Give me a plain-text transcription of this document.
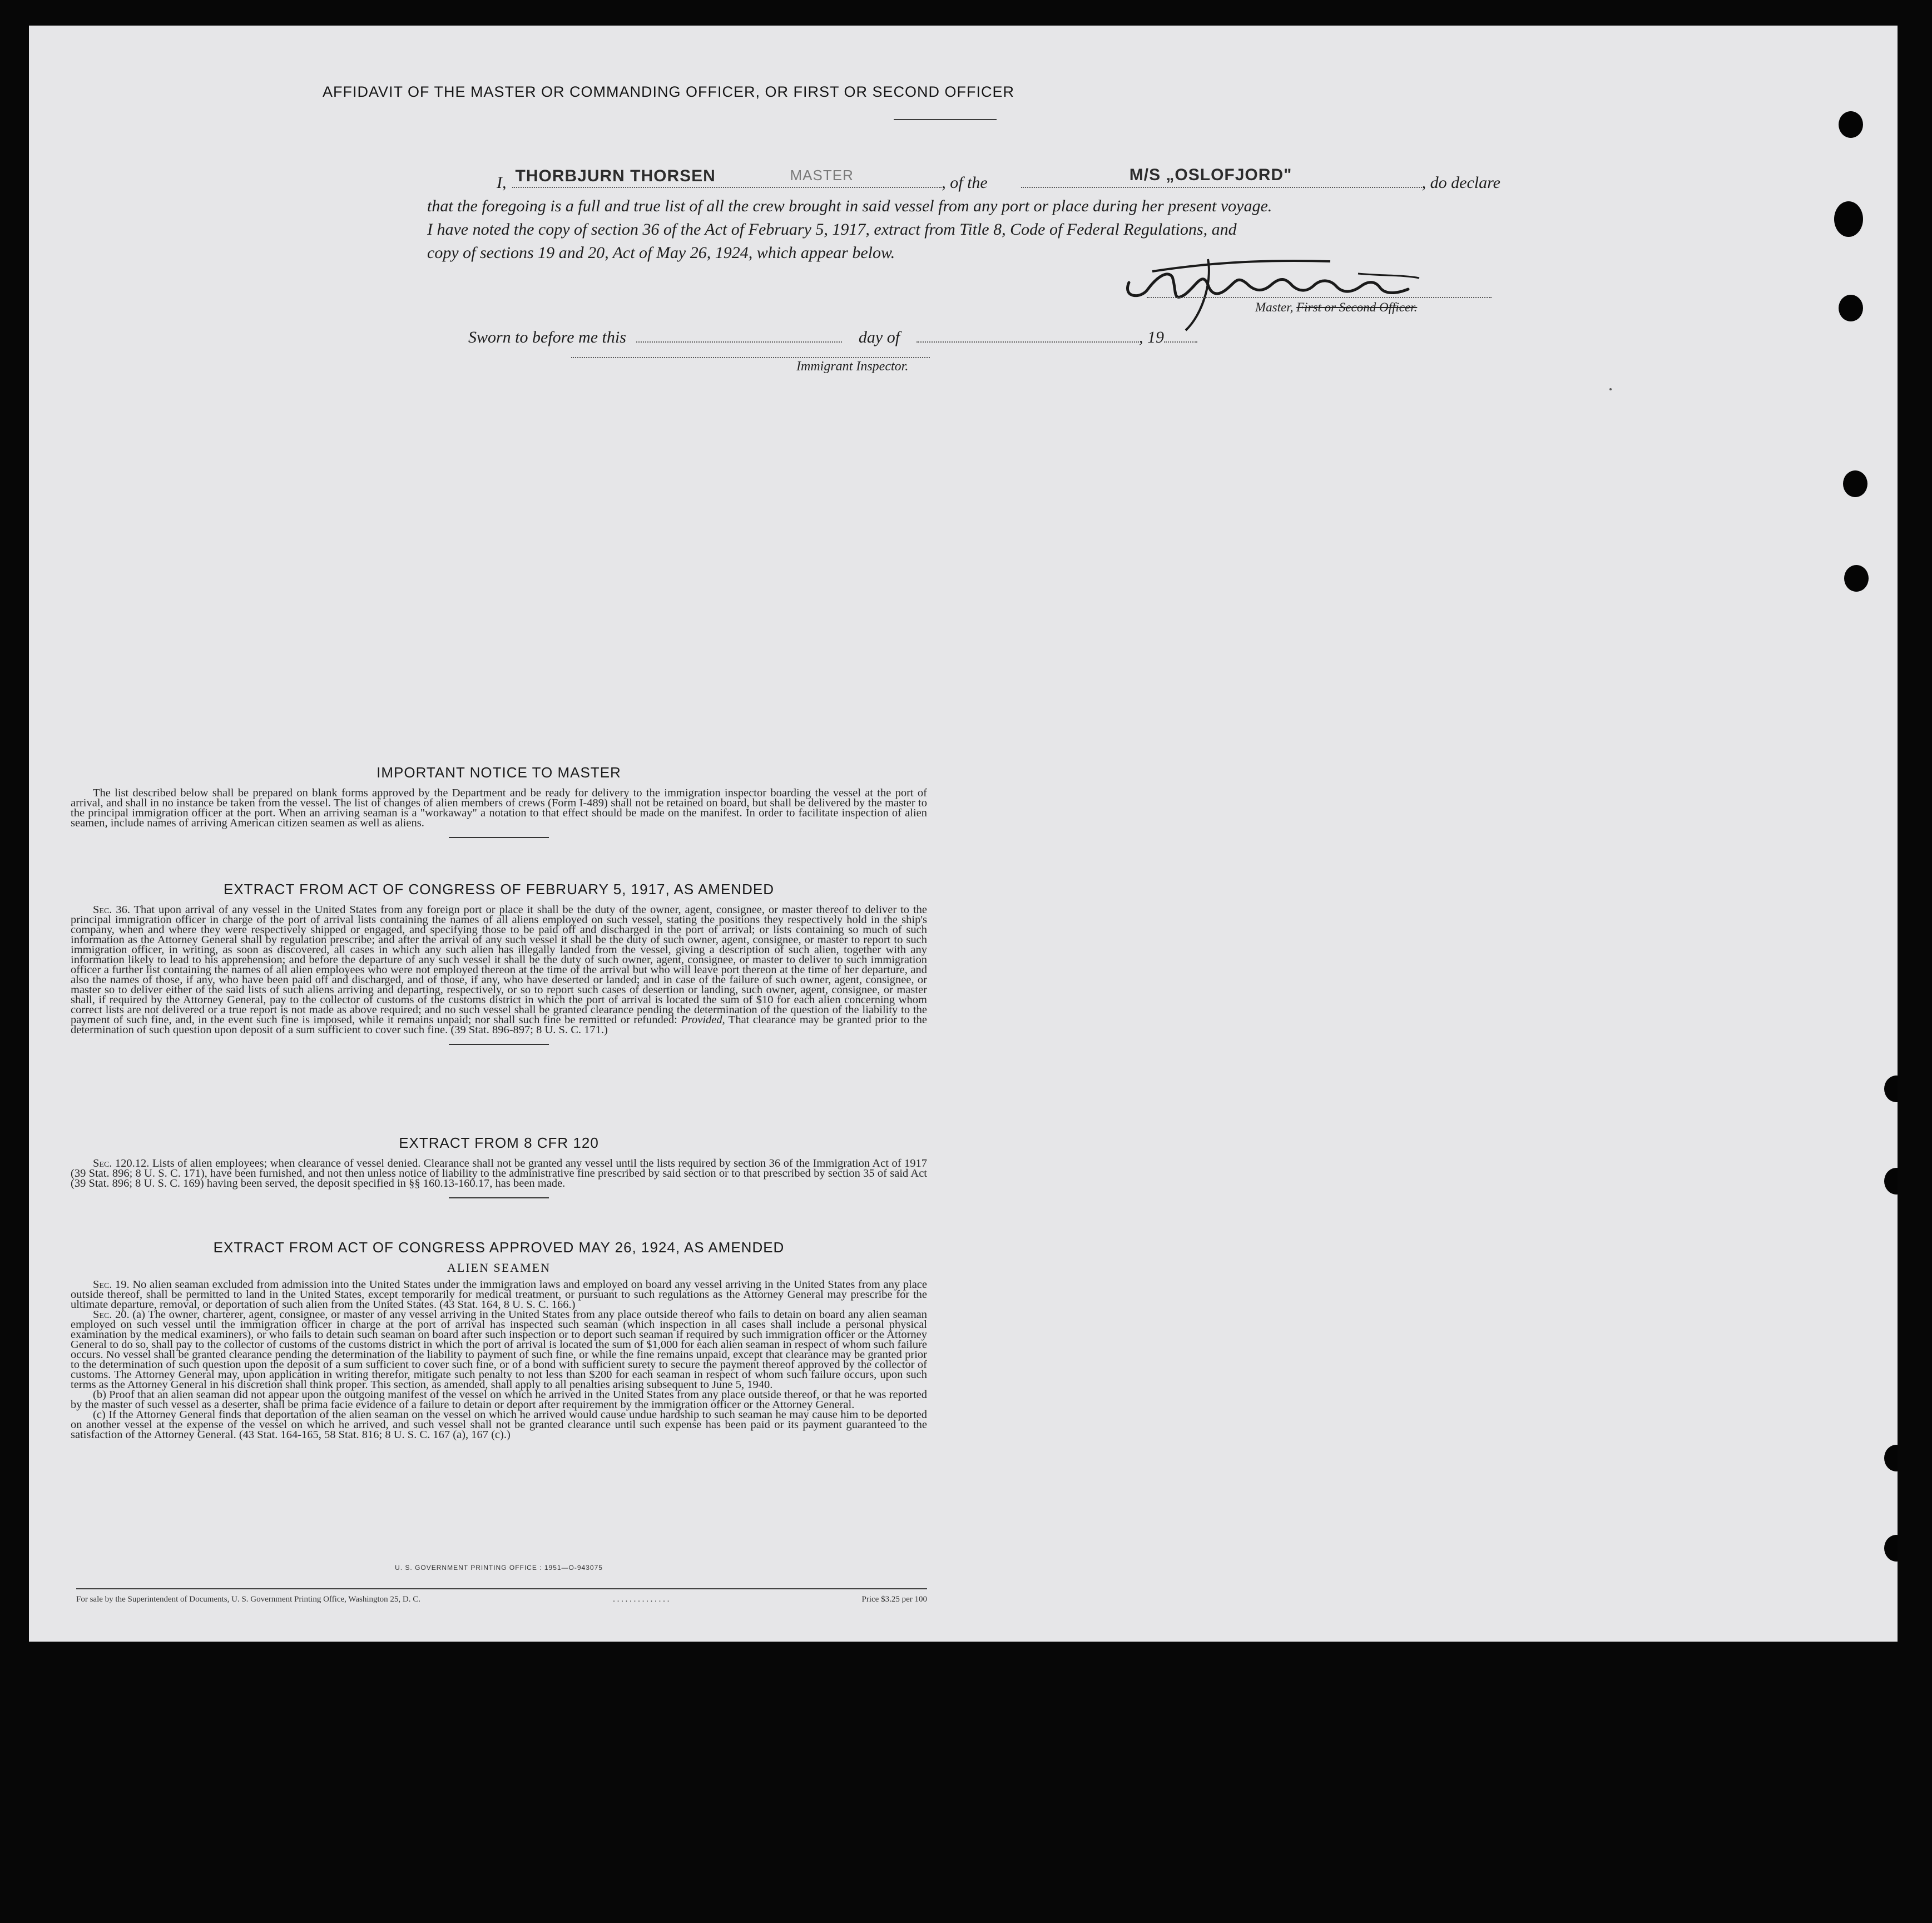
AFFIDAVIT OF THE MASTER OR COMMANDING OFFICER, OR FIRST OR SECOND OFFICER
I, THORBJURN THORSEN	MASTER	, of the	M/S „OSLOFJORD"	, do declare
that the foregoing is a full and true list of all the crew brought in said vessel from any port or place during her present voyage.
I have noted the copy of section 36 of the Act of February 5, 1917, extract from Title 8, Code of Federal Regulations, and
copy of sections 19 and 20, Act of May 26, 1924, which appear below.
Master, First or Second Officer.
Sworn to before me this	day of	, 19
Immigrant Inspector.

IMPORTANT NOTICE TO MASTER

The list described below shall be prepared on blank forms approved by the Department and be ready for delivery to the immigration inspector boarding the vessel at the port of arrival, and shall in no instance be taken from the vessel. The list of changes of alien members of crews (Form I-489) shall not be retained on board, but shall be delivered by the master to the principal immigration officer at the port. When an arriving seaman is a "workaway" a notation to that effect should be made on the manifest. In order to facilitate inspection of alien seamen, include names of arriving American citizen seamen as well as aliens.

EXTRACT FROM ACT OF CONGRESS OF FEBRUARY 5, 1917, AS AMENDED

Sec. 36. That upon arrival of any vessel in the United States from any foreign port or place it shall be the duty of the owner, agent, consignee, or master thereof to deliver to the principal immigration officer in charge of the port of arrival lists containing the names of all aliens employed on such vessel, stating the positions they respectively hold in the ship's company, when and where they were respectively shipped or engaged, and specifying those to be paid off and discharged in the port of arrival; or lists containing so much of such information as the Attorney General shall by regulation prescribe; and after the arrival of any such vessel it shall be the duty of such owner, agent, consignee, or master to report to such immigration officer, in writing, as soon as discovered, all cases in which any such alien has illegally landed from the vessel, giving a description of such alien, together with any information likely to lead to his apprehension; and before the departure of any such vessel it shall be the duty of such owner, agent, consignee, or master to deliver to such immigration officer a further list containing the names of all alien employees who were not employed thereon at the time of the arrival but who will leave port thereon at the time of her departure, and also the names of those, if any, who have been paid off and discharged, and of those, if any, who have deserted or landed; and in case of the failure of such owner, agent, consignee, or master so to deliver either of the said lists of such aliens arriving and departing, respectively, or so to report such cases of desertion or landing, such owner, agent, consignee, or master shall, if required by the Attorney General, pay to the collector of customs of the customs district in which the port of arrival is located the sum of $10 for each alien concerning whom correct lists are not delivered or a true report is not made as above required; and no such vessel shall be granted clearance pending the determination of the question of the liability to the payment of such fine, and, in the event such fine is imposed, while it remains unpaid; nor shall such fine be remitted or refunded: Provided, That clearance may be granted prior to the determination of such question upon deposit of a sum sufficient to cover such fine. (39 Stat. 896-897; 8 U. S. C. 171.)

EXTRACT FROM 8 CFR 120

Sec. 120.12. Lists of alien employees; when clearance of vessel denied. Clearance shall not be granted any vessel until the lists required by section 36 of the Immigration Act of 1917 (39 Stat. 896; 8 U. S. C. 171), have been furnished, and not then unless notice of liability to the administrative fine prescribed by said section or to that prescribed by section 35 of said Act (39 Stat. 896; 8 U. S. C. 169) having been served, the deposit specified in §§ 160.13-160.17, has been made.

EXTRACT FROM ACT OF CONGRESS APPROVED MAY 26, 1924, AS AMENDED

ALIEN SEAMEN

Sec. 19. No alien seaman excluded from admission into the United States under the immigration laws and employed on board any vessel arriving in the United States from any place outside thereof, shall be permitted to land in the United States, except temporarily for medical treatment, or pursuant to such regulations as the Attorney General may prescribe for the ultimate departure, removal, or deportation of such alien from the United States. (43 Stat. 164, 8 U. S. C. 166.)

Sec. 20. (a) The owner, charterer, agent, consignee, or master of any vessel arriving in the United States from any place outside thereof who fails to detain on board any alien seaman employed on such vessel until the immigration officer in charge at the port of arrival has inspected such seaman (which inspection in all cases shall include a personal physical examination by the medical examiners), or who fails to detain such seaman on board after such inspection or to deport such seaman if required by such immigration officer or the Attorney General to do so, shall pay to the collector of customs of the customs district in which the port of arrival is located the sum of $1,000 for each alien seaman in respect of whom such failure occurs. No vessel shall be granted clearance pending the determination of the liability to payment of such fine, or while the fine remains unpaid, except that clearance may be granted prior to the determination of such question upon the deposit of a sum sufficient to cover such fine, or of a bond with sufficient surety to secure the payment thereof approved by the collector of customs. The Attorney General may, upon application in writing therefor, mitigate such penalty to not less than $200 for each seaman in respect of whom such failure occurs, upon such terms as the Attorney General in his discretion shall think proper. This section, as amended, shall apply to all penalties arising subsequent to June 5, 1940.

(b) Proof that an alien seaman did not appear upon the outgoing manifest of the vessel on which he arrived in the United States from any place outside thereof, or that he was reported by the master of such vessel as a deserter, shall be prima facie evidence of a failure to detain or deport after requirement by the immigration officer or the Attorney General.

(c) If the Attorney General finds that deportation of the alien seaman on the vessel on which he arrived would cause undue hardship to such seaman he may cause him to be deported on another vessel at the expense of the vessel on which he arrived, and such vessel shall not be granted clearance until such expense has been paid or its payment guaranteed to the satisfaction of the Attorney General. (43 Stat. 164-165, 58 Stat. 816; 8 U. S. C. 167 (a), 167 (c).)

U. S. GOVERNMENT PRINTING OFFICE : 1951—O-943075
For sale by the Superintendent of Documents, U. S. Government Printing Office, Washington 25, D. C.	. . . . . . . . . . . . . .	Price $3.25 per 100
